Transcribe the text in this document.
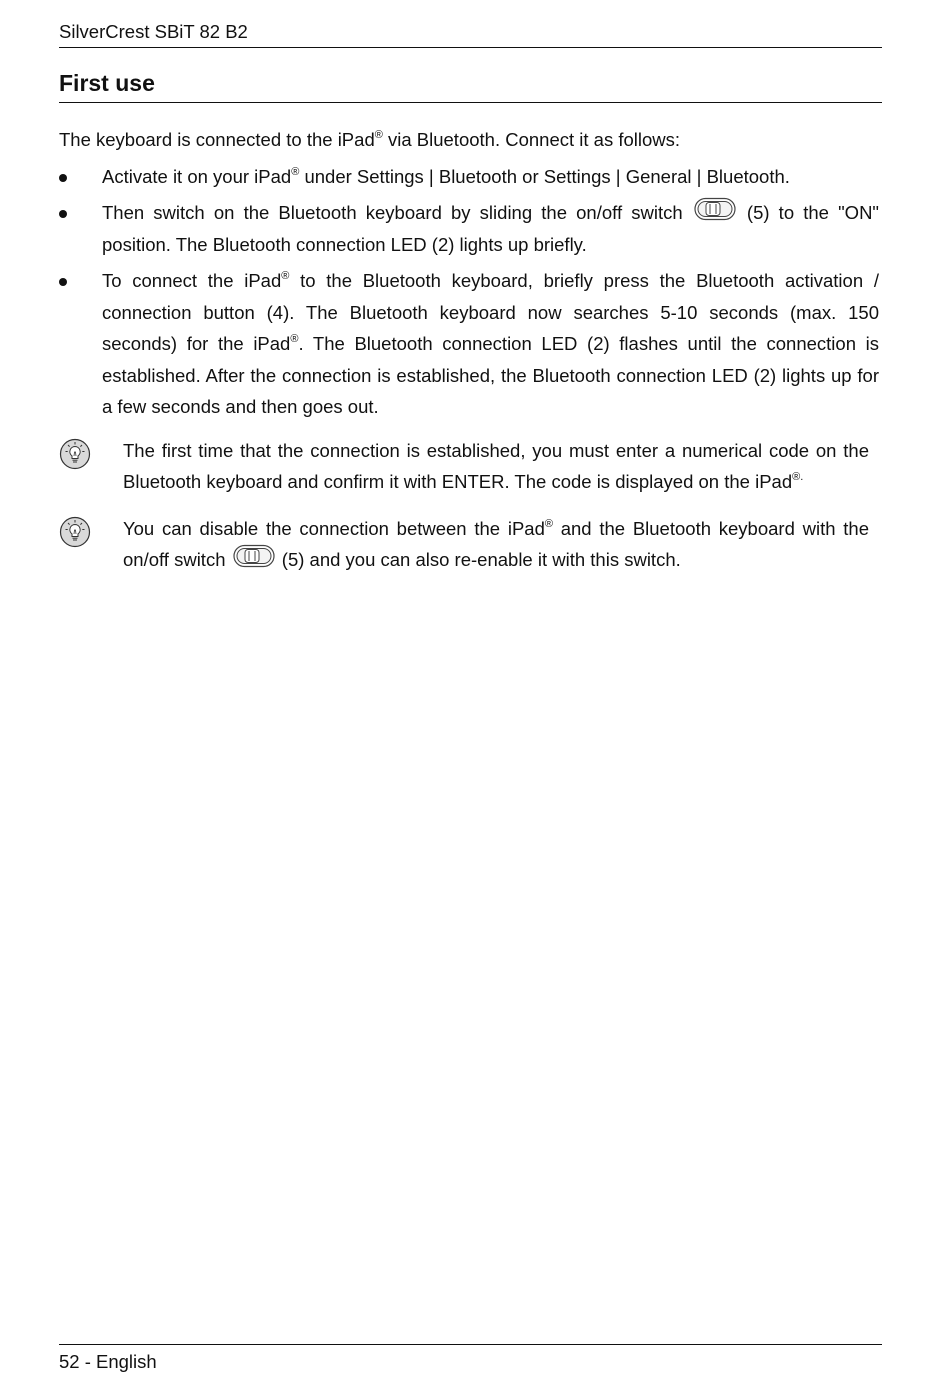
SilverCrest SBiT 82 B2
First use

The keyboard is connected to the iPad® via Bluetooth. Connect it as follows:

Activate it on your iPad® under Settings | Bluetooth or Settings | General | Bluetooth.
Then switch on the Bluetooth keyboard by sliding the on/off switch  (5) to the "ON" position. The Bluetooth connection LED (2) lights up briefly.
To connect the iPad® to the Bluetooth keyboard, briefly press the Bluetooth activation / connection button (4). The Bluetooth keyboard now searches 5-10 seconds (max. 150 seconds) for the iPad®. The Bluetooth connection LED (2) flashes until the connection is established. After the connection is established, the Bluetooth connection LED (2) lights up for a few seconds and then goes out.
The first time that the connection is established, you must enter a numerical code on the Bluetooth keyboard and confirm it with ENTER. The code is displayed on the iPad®.
You can disable the connection between the iPad® and the Bluetooth keyboard with the on/off switch  (5) and you can also re-enable it with this switch.
52 - English
